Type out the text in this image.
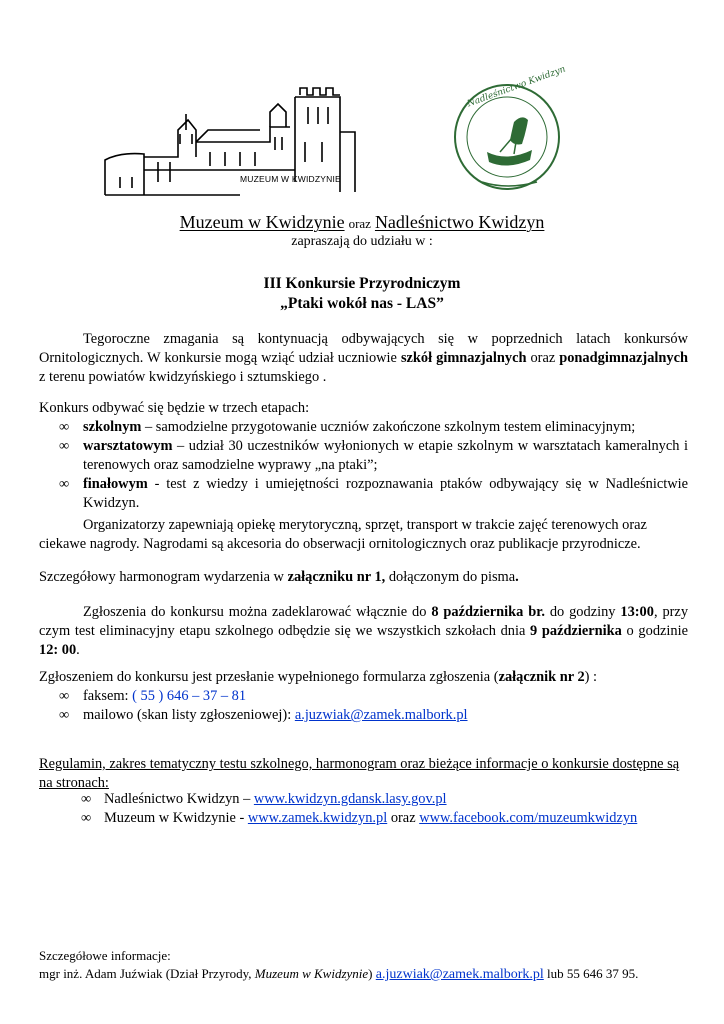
MUZEUM W KWIDZYNIE
Nadleśnictwo Kwidzyn
Muzeum w Kwidzynie oraz Nadleśnictwo Kwidzyn
zapraszają do udziału w :
III Konkursie Przyrodniczym
„Ptaki wokół nas - LAS”
Tegoroczne zmagania są kontynuacją odbywających się w poprzednich latach konkursów Ornitologicznych. W konkursie mogą wziąć udział uczniowie szkół gimnazjalnych oraz ponadgimnazjalnych z terenu powiatów kwidzyńskiego i sztumskiego .
Konkurs odbywać się będzie w trzech etapach:
∞ szkolnym – samodzielne przygotowanie uczniów zakończone szkolnym testem eliminacyjnym;
∞ warsztatowym – udział 30 uczestników wyłonionych w etapie szkolnym w warsztatach kameralnych i terenowych oraz samodzielne wyprawy „na ptaki”;
∞ finałowym - test z wiedzy i umiejętności rozpoznawania ptaków odbywający się w Nadleśnictwie Kwidzyn.
Organizatorzy zapewniają opiekę merytoryczną, sprzęt, transport w trakcie zajęć terenowych oraz ciekawe nagrody. Nagrodami są akcesoria do obserwacji ornitologicznych oraz publikacje przyrodnicze.
Szczegółowy harmonogram wydarzenia w załączniku nr 1, dołączonym do pisma.
Zgłoszenia do konkursu można zadeklarować włącznie do 8 października br. do godziny 13:00, przy czym test eliminacyjny etapu szkolnego odbędzie się we wszystkich szkołach dnia 9 października o godzinie 12: 00.
Zgłoszeniem do konkursu jest przesłanie wypełnionego formularza zgłoszenia (załącznik nr 2) :
∞ faksem: ( 55 ) 646 – 37 – 81
∞ mailowo (skan listy zgłoszeniowej): a.juzwiak@zamek.malbork.pl
Regulamin, zakres tematyczny testu szkolnego, harmonogram oraz bieżące informacje o konkursie dostępne są na stronach:
∞ Nadleśnictwo Kwidzyn – www.kwidzyn.gdansk.lasy.gov.pl
∞ Muzeum w Kwidzynie - www.zamek.kwidzyn.pl oraz www.facebook.com/muzeumkwidzyn
Szczegółowe informacje:
mgr inż. Adam Juźwiak (Dział Przyrody, Muzeum w Kwidzynie) a.juzwiak@zamek.malbork.pl lub 55 646 37 95.
